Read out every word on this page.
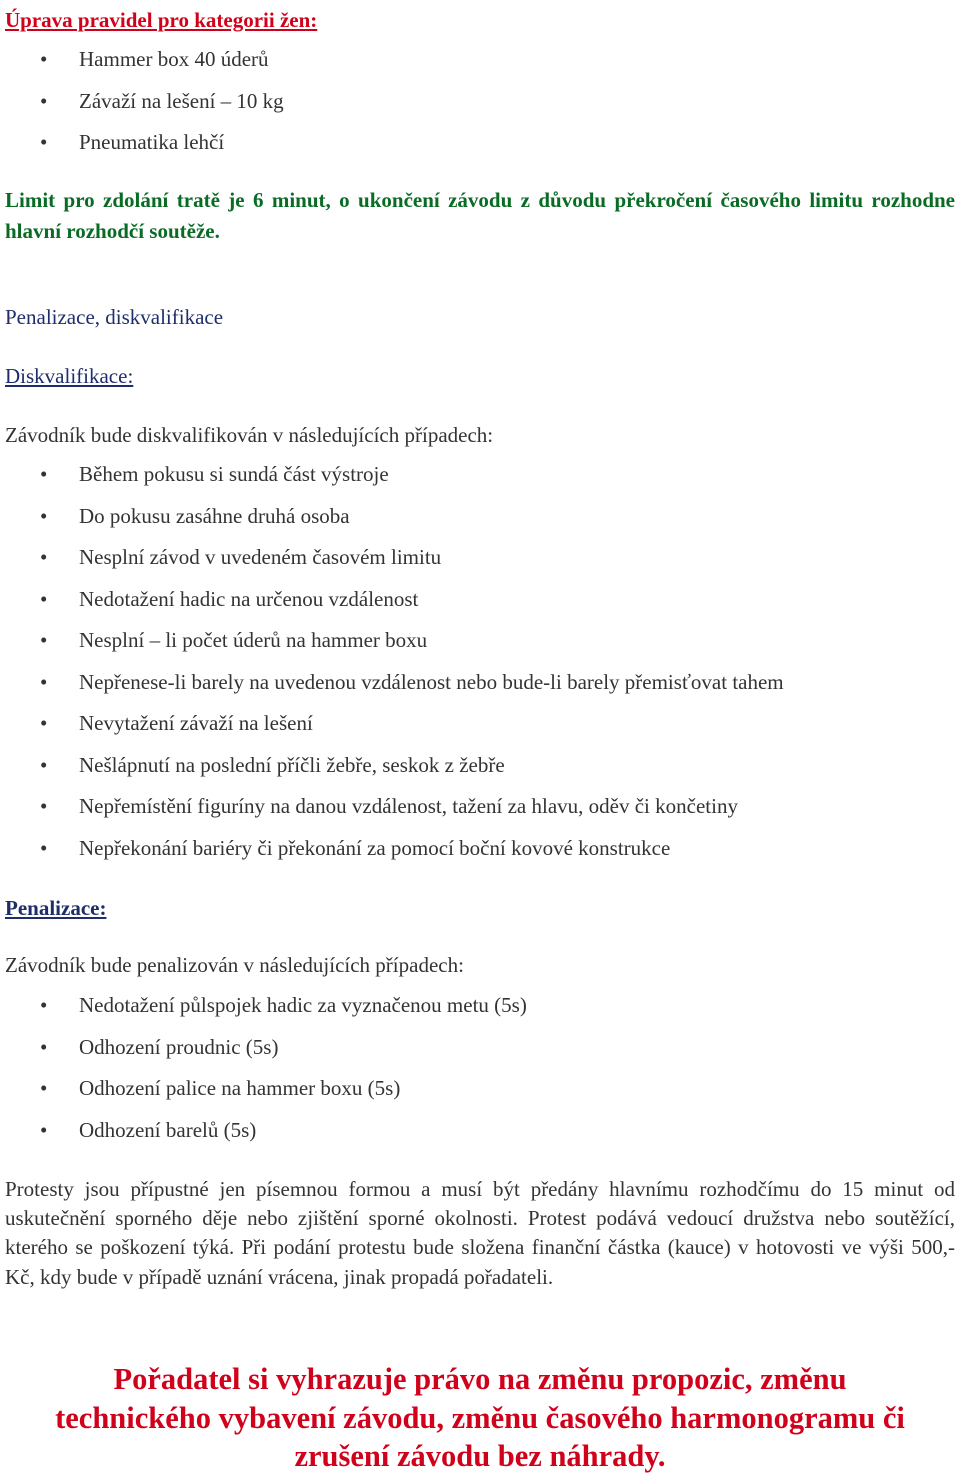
Úprava pravidel pro kategorii žen:
• Hammer box 40 úderů
• Závaží na lešení – 10 kg
• Pneumatika lehčí

Limit pro zdolání tratě je 6 minut, o ukončení závodu z důvodu překročení časového limitu rozhodne hlavní rozhodčí soutěže.

Penalizace, diskvalifikace
Diskvalifikace:
Závodník bude diskvalifikován v následujících případech:
• Během pokusu si sundá část výstroje
• Do pokusu zasáhne druhá osoba
• Nesplní závod v uvedeném časovém limitu
• Nedotažení hadic na určenou vzdálenost
• Nesplní – li počet úderů na hammer boxu
• Nepřenese-li barely na uvedenou vzdálenost nebo bude-li barely přemisťovat tahem
• Nevytažení závaží na lešení
• Nešlápnutí na poslední příčli žebře, seskok z žebře
• Nepřemístění figuríny na danou vzdálenost, tažení za hlavu, oděv či končetiny
• Nepřekonání bariéry či překonání za pomocí boční kovové konstrukce
Penalizace:
Závodník bude penalizován v následujících případech:
• Nedotažení půlspojek hadic za vyznačenou metu (5s)
• Odhození proudnic (5s)
• Odhození palice na hammer boxu (5s)
• Odhození barelů (5s)

Protesty jsou přípustné jen písemnou formou a musí být předány hlavnímu rozhodčímu do 15 minut od uskutečnění sporného děje nebo zjištění sporné okolnosti. Protest podává vedoucí družstva nebo soutěžící, kterého se poškození týká. Při podání protestu bude složena finanční částka (kauce) v hotovosti ve výši 500,- Kč, kdy bude v případě uznání vrácena, jinak propadá pořadateli.

Pořadatel si vyhrazuje právo na změnu propozic, změnu
technického vybavení závodu, změnu časového harmonogramu či
zrušení závodu bez náhrady.
